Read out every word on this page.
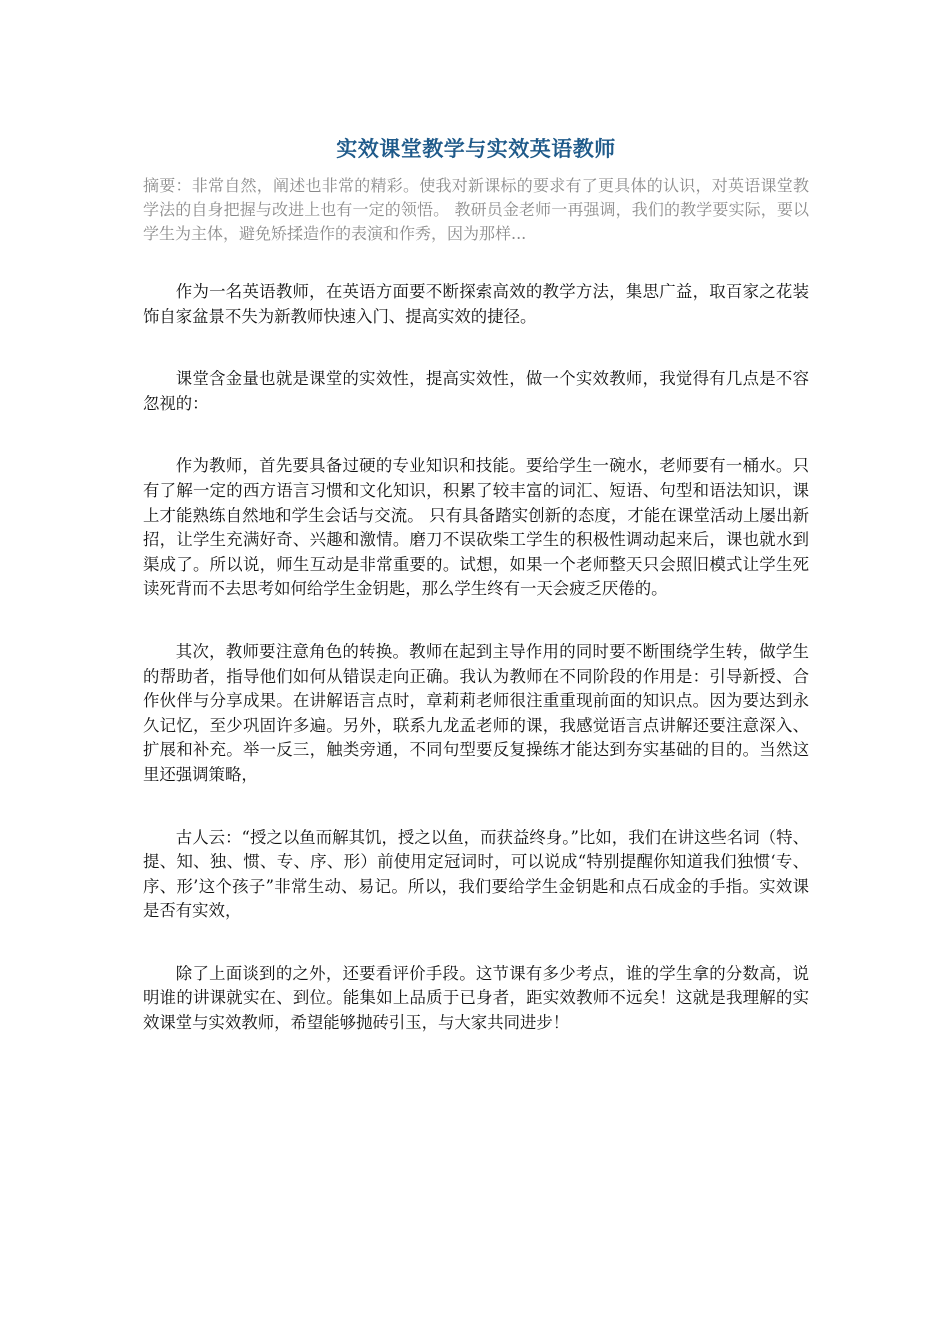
实效课堂教学与实效英语教师

摘要：非常自然，阐述也非常的精彩。使我对新课标的要求有了更具体的认识，对英语课堂教学法的自身把握与改进上也有一定的领悟。 教研员金老师一再强调，我们的教学要实际，要以学生为主体，避免矫揉造作的表演和作秀，因为那样...

作为一名英语教师，在英语方面要不断探索高效的教学方法，集思广益，取百家之花装饰自家盆景不失为新教师快速入门、提高实效的捷径。

课堂含金量也就是课堂的实效性，提高实效性，做一个实效教师，我觉得有几点是不容忽视的：

作为教师，首先要具备过硬的专业知识和技能。要给学生一碗水，老师要有一桶水。只有了解一定的西方语言习惯和文化知识，积累了较丰富的词汇、短语、句型和语法知识，课上才能熟练自然地和学生会话与交流。 只有具备踏实创新的态度，才能在课堂活动上屡出新招，让学生充满好奇、兴趣和激情。磨刀不误砍柴工学生的积极性调动起来后，课也就水到渠成了。所以说，师生互动是非常重要的。试想，如果一个老师整天只会照旧模式让学生死读死背而不去思考如何给学生金钥匙，那么学生终有一天会疲乏厌倦的。

其次，教师要注意角色的转换。教师在起到主导作用的同时要不断围绕学生转，做学生的帮助者，指导他们如何从错误走向正确。我认为教师在不同阶段的作用是：引导新授、合作伙伴与分享成果。在讲解语言点时，章莉莉老师很注重重现前面的知识点。因为要达到永久记忆，至少巩固许多遍。另外，联系九龙孟老师的课，我感觉语言点讲解还要注意深入、扩展和补充。举一反三，触类旁通，不同句型要反复操练才能达到夯实基础的目的。当然这里还强调策略，

古人云：“授之以鱼而解其饥，授之以鱼，而获益终身。”比如，我们在讲这些名词（特、提、知、独、惯、专、序、形）前使用定冠词时，可以说成“特别提醒你知道我们独惯‘专、序、形’这个孩子”非常生动、易记。所以，我们要给学生金钥匙和点石成金的手指。实效课是否有实效，

除了上面谈到的之外，还要看评价手段。这节课有多少考点，谁的学生拿的分数高，说明谁的讲课就实在、到位。能集如上品质于已身者，距实效教师不远矣！这就是我理解的实效课堂与实效教师，希望能够抛砖引玉，与大家共同进步！
